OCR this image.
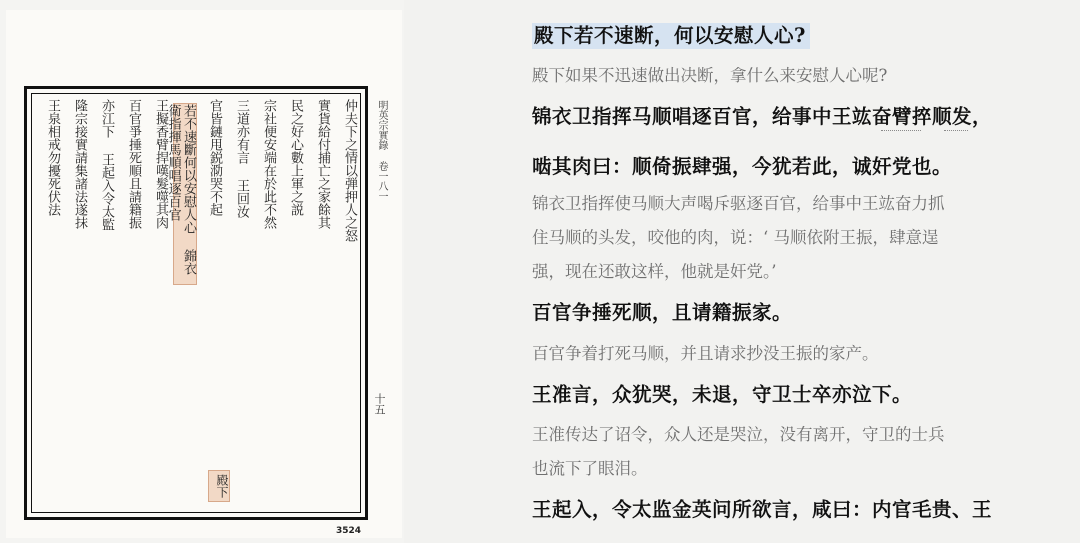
仲夫下之情以弾押人之怒
實貨給付捕亡之家餘其
民之好心數上軍之説
宗社便安端在於此不然
三道亦有言 王回汝
官皆鏈甩鋭泐哭不起
若不速斷何以安慰人心 錦衣衛指揮馬順唱逐百官
王擬香臂捍嘆髮噬其肉
百官爭捶死順且請籍振
亦江下 王起入令太監
隆宗接實請集諸法遂抹
王泉相戒勿擾死伏法
殿下
明英宗實錄 卷一八一
十五
3524
殿下若不速断，何以安慰人心?
殿下如果不迅速做出决断，拿什么来安慰人心呢?
锦衣卫指挥马顺唱逐百官，给事中王竑奋臂捽顺发，
啮其肉曰：顺倚振肆强，今犹若此，诚奸党也。
锦衣卫指挥使马顺大声喝斥驱逐百官，给事中王竑奋力抓
住马顺的头发，咬他的肉，说：‘ 马顺依附王振，肆意逞
强，现在还敢这样，他就是奸党。’
百官争捶死顺，且请籍振家。
百官争着打死马顺，并且请求抄没王振的家产。
王准言，众犹哭，未退，守卫士卒亦泣下。
王准传达了诏令，众人还是哭泣，没有离开，守卫的士兵
也流下了眼泪。
王起入，令太监金英问所欲言，咸曰：内官毛贵、王
